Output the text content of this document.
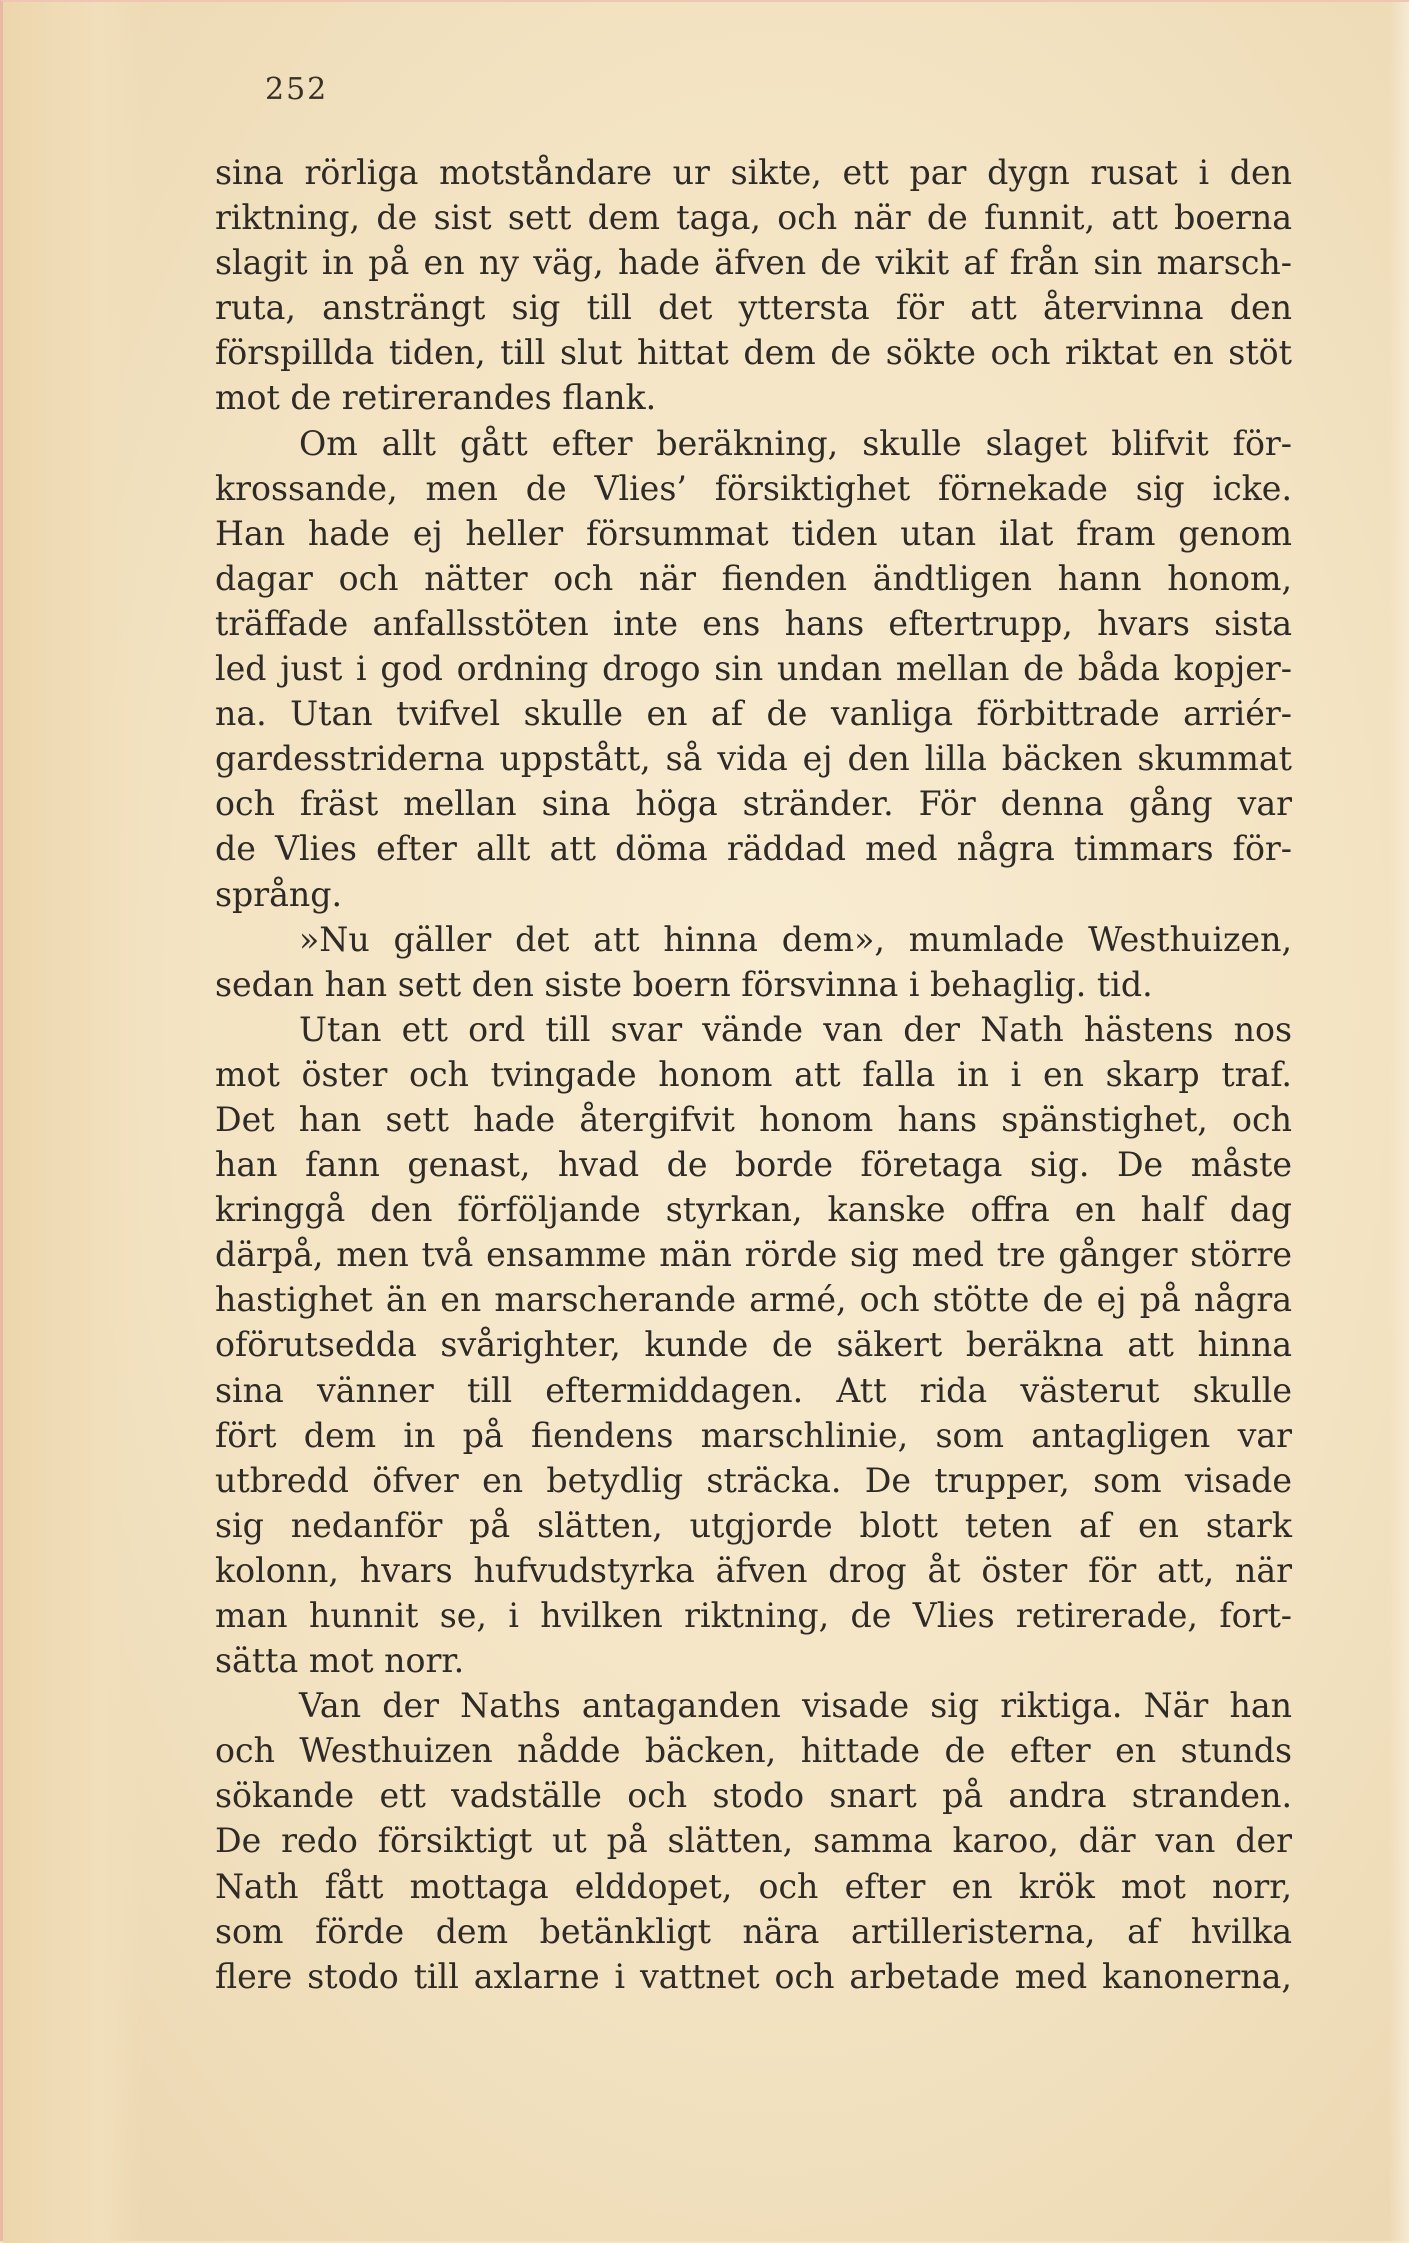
252
sina rörliga motståndare ur sikte, ett par dygn rusat i den
riktning, de sist sett dem taga, och när de funnit, att boerna
slagit in på en ny väg, hade äfven de vikit af från sin marsch-
ruta, ansträngt sig till det yttersta för att återvinna den
förspillda tiden, till slut hittat dem de sökte och riktat en stöt
mot de retirerandes flank.
Om allt gått efter beräkning, skulle slaget blifvit för-
krossande, men de Vlies’ försiktighet förnekade sig icke.
Han hade ej heller försummat tiden utan ilat fram genom
dagar och nätter och när fienden ändtligen hann honom,
träffade anfallsstöten inte ens hans eftertrupp, hvars sista
led just i god ordning drogo sin undan mellan de båda kopjer-
na. Utan tvifvel skulle en af de vanliga förbittrade arriér-
gardesstriderna uppstått, så vida ej den lilla bäcken skummat
och fräst mellan sina höga stränder. För denna gång var
de Vlies efter allt att döma räddad med några timmars för-
språng.
»Nu gäller det att hinna dem», mumlade Westhuizen,
sedan han sett den siste boern försvinna i behaglig. tid.
Utan ett ord till svar vände van der Nath hästens nos
mot öster och tvingade honom att falla in i en skarp traf.
Det han sett hade återgifvit honom hans spänstighet, och
han fann genast, hvad de borde företaga sig. De måste
kringgå den förföljande styrkan, kanske offra en half dag
därpå, men två ensamme män rörde sig med tre gånger större
hastighet än en marscherande armé, och stötte de ej på några
oförutsedda svårighter, kunde de säkert beräkna att hinna
sina vänner till eftermiddagen. Att rida västerut skulle
fört dem in på fiendens marschlinie, som antagligen var
utbredd öfver en betydlig sträcka. De trupper, som visade
sig nedanför på slätten, utgjorde blott teten af en stark
kolonn, hvars hufvudstyrka äfven drog åt öster för att, när
man hunnit se, i hvilken riktning, de Vlies retirerade, fort-
sätta mot norr.
Van der Naths antaganden visade sig riktiga. När han
och Westhuizen nådde bäcken, hittade de efter en stunds
sökande ett vadställe och stodo snart på andra stranden.
De redo försiktigt ut på slätten, samma karoo, där van der
Nath fått mottaga elddopet, och efter en krök mot norr,
som förde dem betänkligt nära artilleristerna, af hvilka
flere stodo till axlarne i vattnet och arbetade med kanonerna,
